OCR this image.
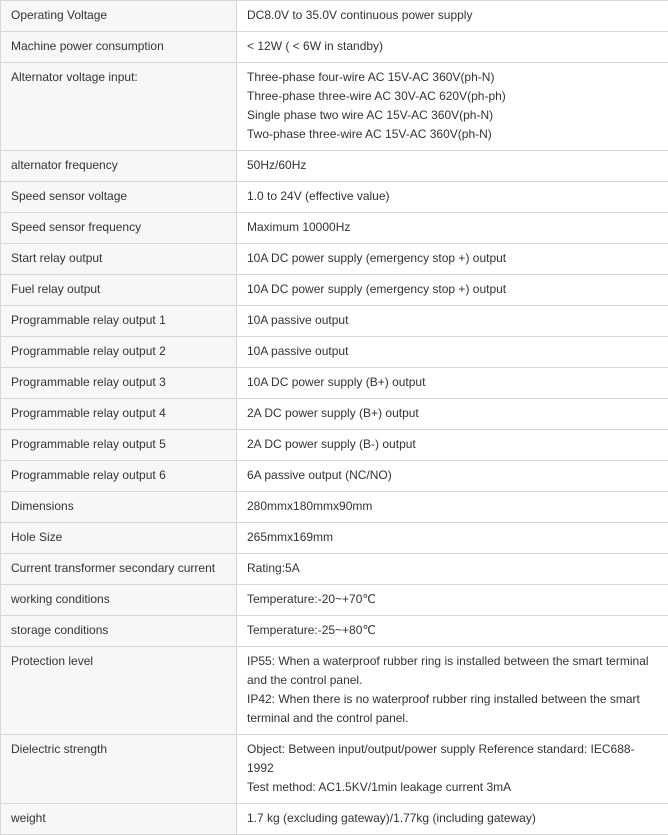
Operating Voltage	DC8.0V to 35.0V continuous power supply

Machine power consumption	< 12W ( < 6W in standby)

Alternator voltage input:	Three-phase four-wire AC 15V-AC 360V(ph-N)
Three-phase three-wire AC 30V-AC 620V(ph-ph)
Single phase two wire AC 15V-AC 360V(ph-N)
Two-phase three-wire AC 15V-AC 360V(ph-N)

alternator frequency	50Hz/60Hz

Speed sensor voltage	1.0 to 24V (effective value)

Speed sensor frequency	Maximum 10000Hz

Start relay output	10A DC power supply (emergency stop +) output

Fuel relay output	10A DC power supply (emergency stop +) output

Programmable relay output 1	10A passive output

Programmable relay output 2	10A passive output

Programmable relay output 3	10A DC power supply (B+) output

Programmable relay output 4	2A DC power supply (B+) output

Programmable relay output 5	2A DC power supply (B-) output

Programmable relay output 6	6A passive output (NC/NO)

Dimensions	280mmx180mmx90mm

Hole Size	265mmx169mm

Current transformer secondary current	Rating:5A

working conditions	Temperature:-20~+70℃

storage conditions	Temperature:-25~+80℃

Protection level	IP55: When a waterproof rubber ring is installed between the smart terminal
and the control panel.
IP42: When there is no waterproof rubber ring installed between the smart
terminal and the control panel.

Dielectric strength	Object: Between input/output/power supply Reference standard: IEC688-
1992
Test method: AC1.5KV/1min leakage current 3mA

weight	1.7 kg (excluding gateway)/1.77kg (including gateway)
